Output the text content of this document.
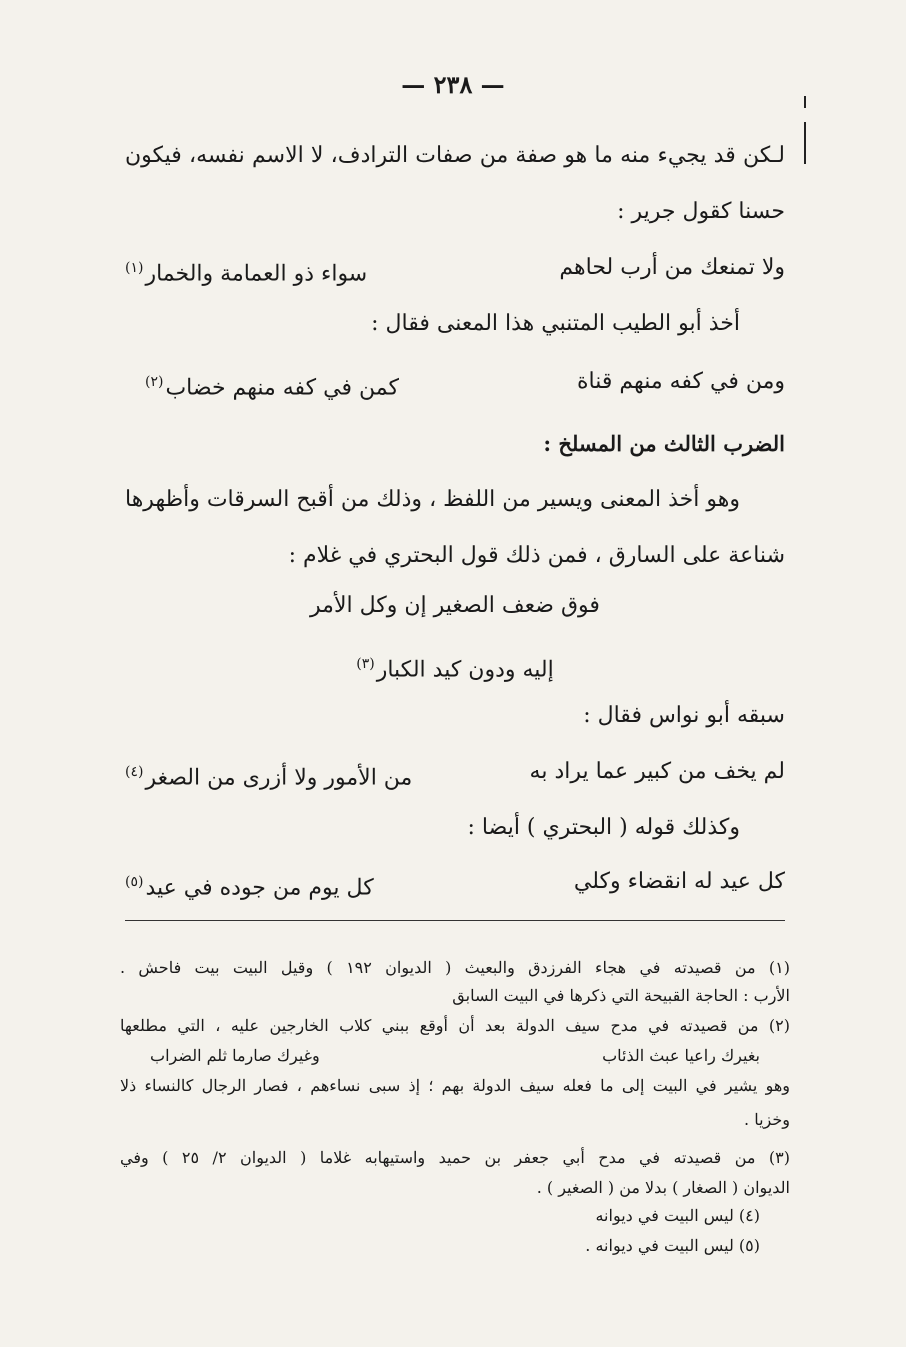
— ٢٣٨ —
لـكن قد يجيء منه ما هو صفة من صفات الترادف، لا الاسم نفسه، فيكون
حسنا كقول جرير :
ولا تمنعك من أرب لحاهم
سواء ذو العمامة والخمار$^{(١)}$
أخذ أبو الطيب المتنبي هذا المعنى فقال :
ومن في كفه منهم قناة
كمن في كفه منهم خضاب$^{(٢)}$
الضرب الثالث من المسلخ :
وهو أخذ المعنى ويسير من اللفظ ، وذلك من أقبح السرقات وأظهرها
شناعة على السارق ، فمن ذلك قول البحتري في غلام :
فوق ضعف الصغير إن وكل الأمر
إليه ودون كيد الكبار$^{(٣)}$
سبقه أبو نواس فقال :
لم يخف من كبير عما يراد به
من الأمور ولا أزرى من الصغر$^{(٤)}$
وكذلك قوله ( البحتري ) أيضا :
كل عيد له انقضاء وكلي
كل يوم من جوده في عيد$^{(٥)}$
(١) من قصيدته في هجاء الفرزدق والبعيث ( الديوان ١٩٢ ) وقيل البيت بيت فاحش .
الأرب : الحاجة القبيحة التي ذكرها في البيت السابق
(٢) من قصيدته في مدح سيف الدولة بعد أن أوقع ببني كلاب الخارجين عليه ، التي مطلعها
بغيرك راعيا عبث الذئاب
وغيرك صارما ثلم الضراب
وهو يشير في البيت إلى ما فعله سيف الدولة بهم ؛ إذ سبى نساءهم ، فصار الرجال كالنساء ذلا
وخزيا .
(٣) من قصيدته في مدح أبي جعفر بن حميد واستيهابه غلاما ( الديوان ٢/ ٢٥ ) وفي
الديوان ( الصغار ) بدلا من ( الصغير ) .
(٤) ليس البيت في ديوانه
(٥) ليس البيت في ديوانه .
